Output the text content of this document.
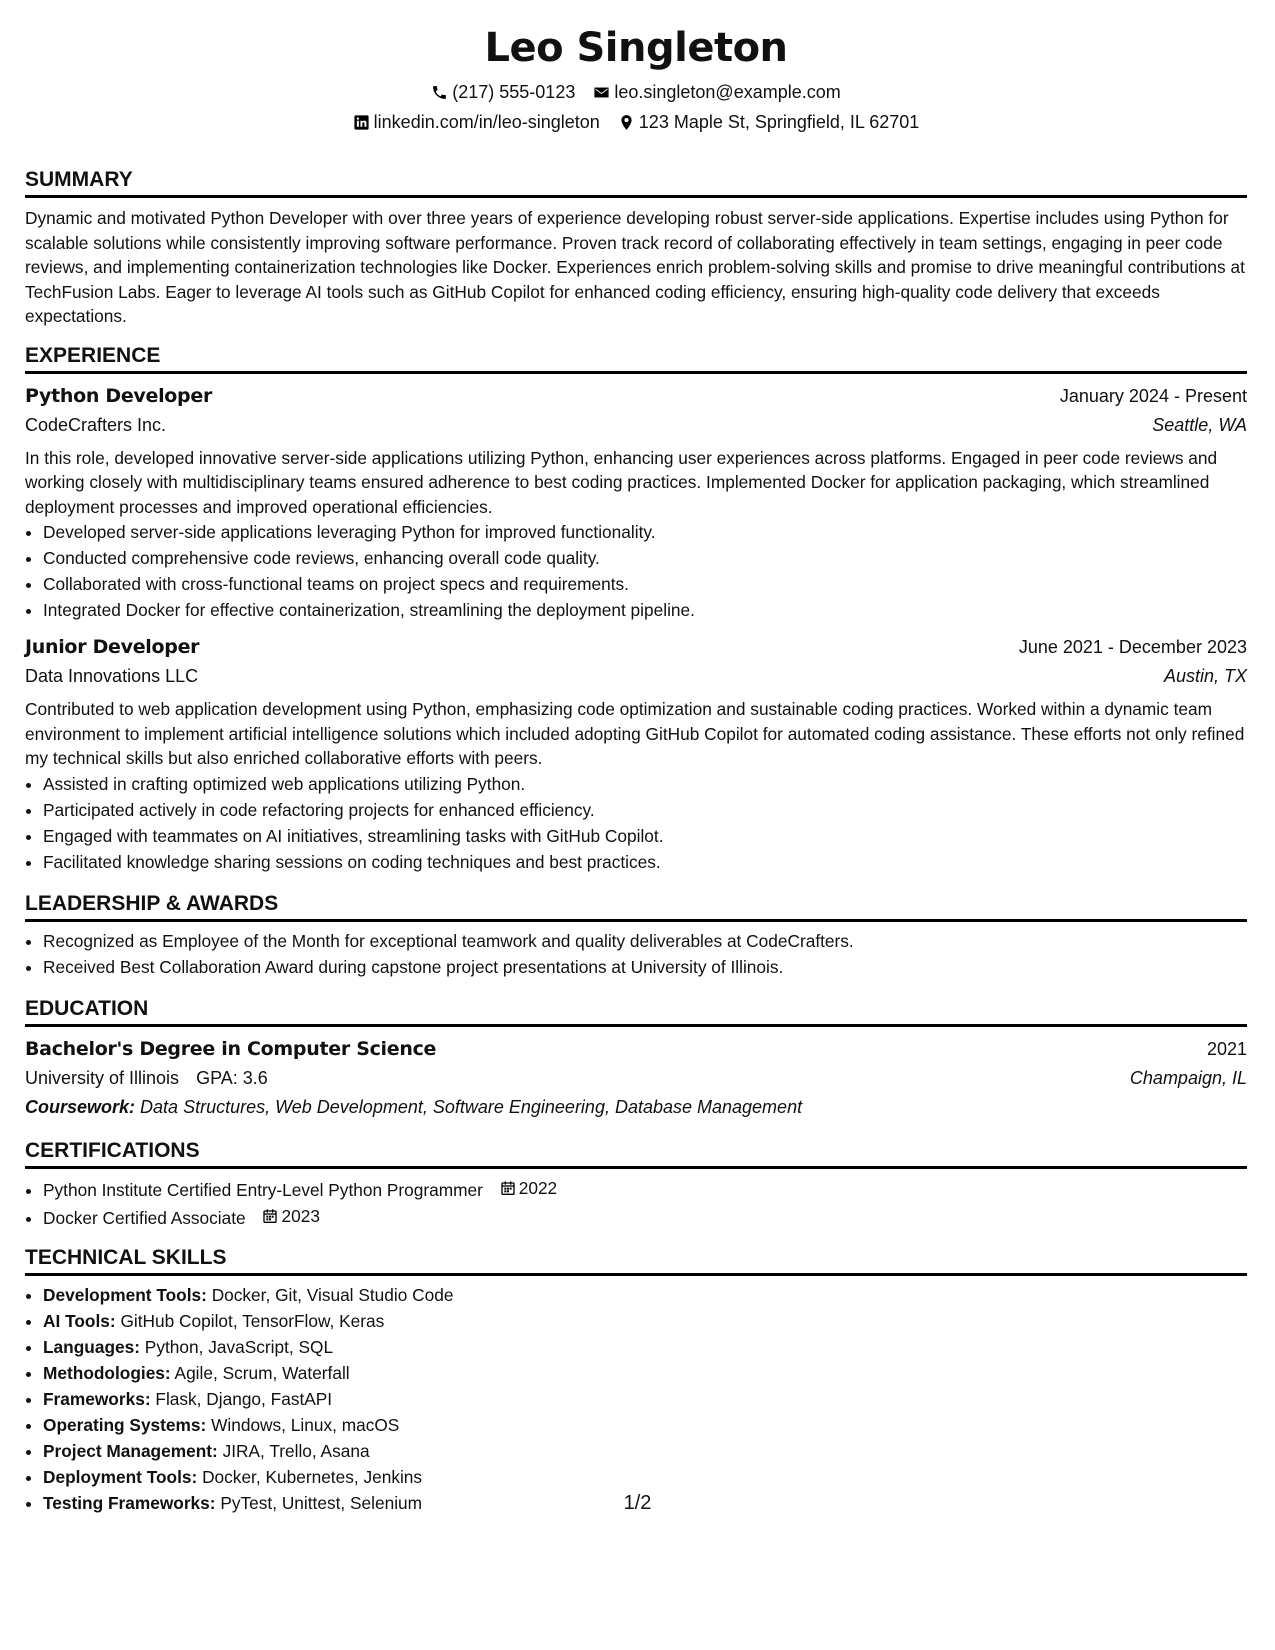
Leo Singleton
(217) 555-0123 leo.singleton@example.com
linkedin.com/in/leo-singleton 123 Maple St, Springfield, IL 62701
SUMMARY

Dynamic and motivated Python Developer with over three years of experience developing robust server-side applications. Expertise includes using Python for scalable solutions while consistently improving software performance. Proven track record of collaborating effectively in team settings, engaging in peer code reviews, and implementing containerization technologies like Docker. Experiences enrich problem-solving skills and promise to drive meaningful contributions at TechFusion Labs. Eager to leverage AI tools such as GitHub Copilot for enhanced coding efficiency, ensuring high-quality code delivery that exceeds expectations.

EXPERIENCE
Python Developer	January 2024 - Present
CodeCrafters Inc.	Seattle, WA

In this role, developed innovative server-side applications utilizing Python, enhancing user experiences across platforms. Engaged in peer code reviews and working closely with multidisciplinary teams ensured adherence to best coding practices. Implemented Docker for application packaging, which streamlined deployment processes and improved operational efficiencies.

• Developed server-side applications leveraging Python for improved functionality.
• Conducted comprehensive code reviews, enhancing overall code quality.
• Collaborated with cross-functional teams on project specs and requirements.
• Integrated Docker for effective containerization, streamlining the deployment pipeline.
Junior Developer	June 2021 - December 2023
Data Innovations LLC	Austin, TX

Contributed to web application development using Python, emphasizing code optimization and sustainable coding practices. Worked within a dynamic team environment to implement artificial intelligence solutions which included adopting GitHub Copilot for automated coding assistance. These efforts not only refined my technical skills but also enriched collaborative efforts with peers.

• Assisted in crafting optimized web applications utilizing Python.
• Participated actively in code refactoring projects for enhanced efficiency.
• Engaged with teammates on AI initiatives, streamlining tasks with GitHub Copilot.
• Facilitated knowledge sharing sessions on coding techniques and best practices.
LEADERSHIP & AWARDS
• Recognized as Employee of the Month for exceptional teamwork and quality deliverables at CodeCrafters.
• Received Best Collaboration Award during capstone project presentations at University of Illinois.
EDUCATION
Bachelor's Degree in Computer Science	2021
University of Illinois GPA: 3.6	Champaign, IL
Coursework: Data Structures, Web Development, Software Engineering, Database Management
CERTIFICATIONS
• Python Institute Certified Entry-Level Python Programmer 2022
• Docker Certified Associate 2023
TECHNICAL SKILLS
• Development Tools: Docker, Git, Visual Studio Code
• AI Tools: GitHub Copilot, TensorFlow, Keras
• Languages: Python, JavaScript, SQL
• Methodologies: Agile, Scrum, Waterfall
• Frameworks: Flask, Django, FastAPI
• Operating Systems: Windows, Linux, macOS
• Project Management: JIRA, Trello, Asana
• Deployment Tools: Docker, Kubernetes, Jenkins
• Testing Frameworks: PyTest, Unittest, Selenium	1/2
